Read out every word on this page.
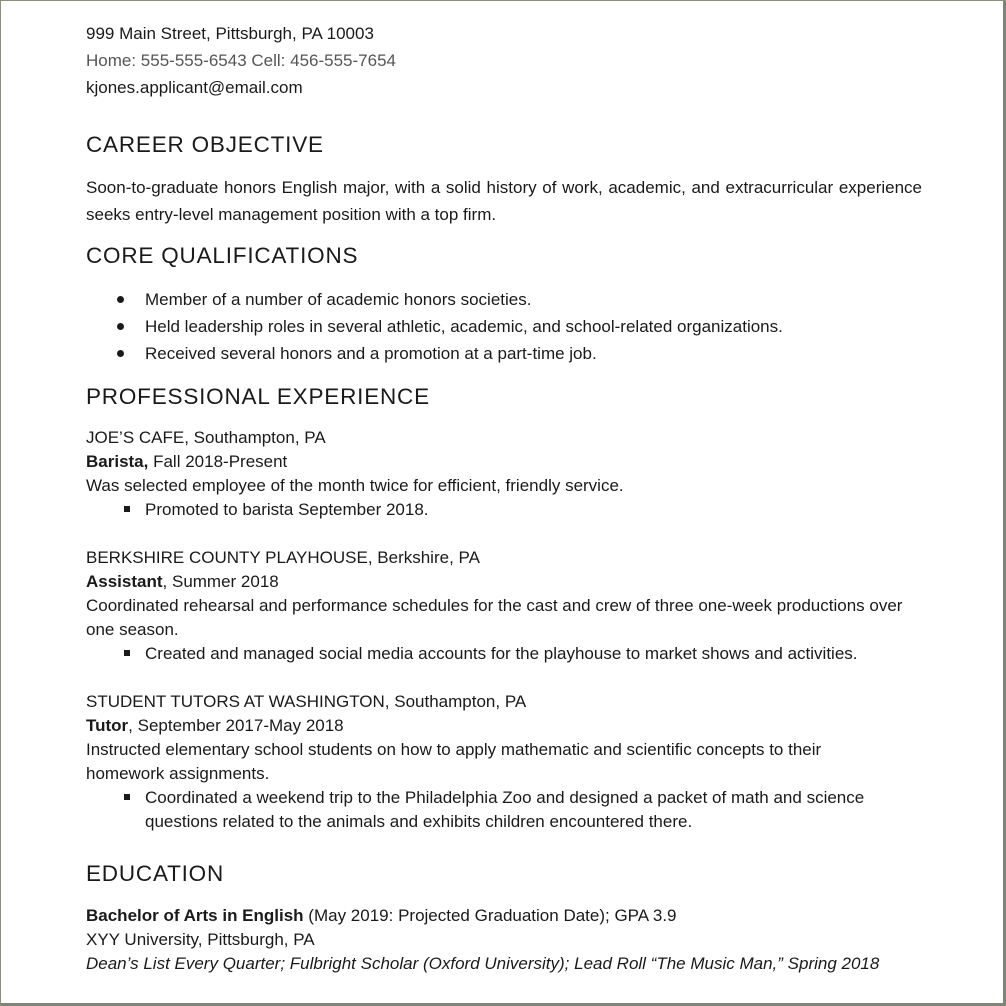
999 Main Street, Pittsburgh, PA 10003
Home: 555-555-6543 Cell: 456-555-7654
kjones.applicant@email.com
CAREER OBJECTIVE
Soon-to-graduate honors English major, with a solid history of work, academic, and extracurricular experience seeks entry-level management position with a top firm.
CORE QUALIFICATIONS
Member of a number of academic honors societies.
Held leadership roles in several athletic, academic, and school-related organizations.
Received several honors and a promotion at a part-time job.
PROFESSIONAL EXPERIENCE
JOE’S CAFE, Southampton, PA
Barista, Fall 2018-Present
Was selected employee of the month twice for efficient, friendly service.
Promoted to barista September 2018.
BERKSHIRE COUNTY PLAYHOUSE, Berkshire, PA
Assistant, Summer 2018
Coordinated rehearsal and performance schedules for the cast and crew of three one-week productions over one season.
Created and managed social media accounts for the playhouse to market shows and activities.
STUDENT TUTORS AT WASHINGTON, Southampton, PA
Tutor, September 2017-May 2018
Instructed elementary school students on how to apply mathematic and scientific concepts to their homework assignments.
Coordinated a weekend trip to the Philadelphia Zoo and designed a packet of math and science questions related to the animals and exhibits children encountered there.
EDUCATION
Bachelor of Arts in English (May 2019: Projected Graduation Date); GPA 3.9
XYY University, Pittsburgh, PA
Dean’s List Every Quarter; Fulbright Scholar (Oxford University); Lead Roll “The Music Man,” Spring 2018
